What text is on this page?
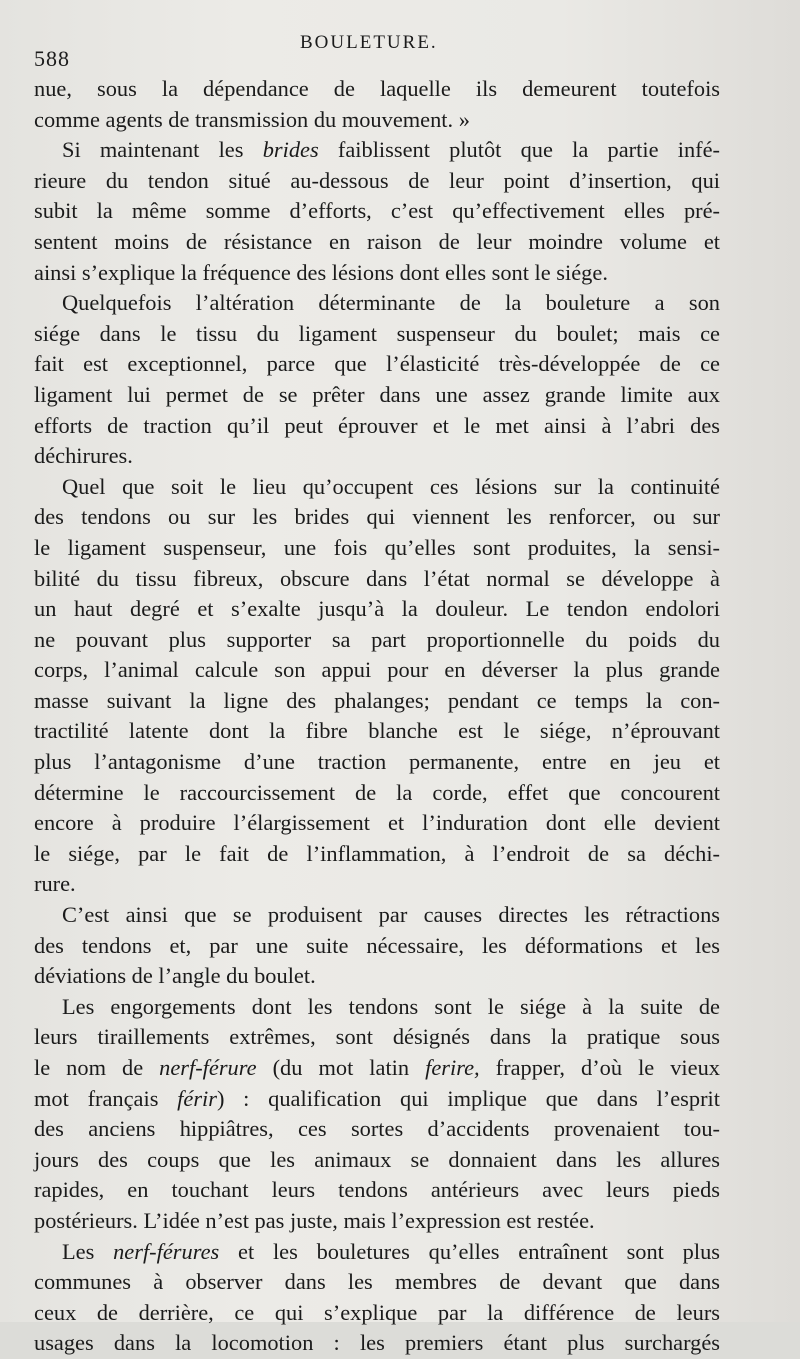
588
BOULETURE.
nue, sous la dépendance de laquelle ils demeurent toutefois
comme agents de transmission du mouvement. »
Si maintenant les brides faiblissent plutôt que la partie infé-
rieure du tendon situé au-dessous de leur point d’insertion, qui
subit la même somme d’efforts, c’est qu’effectivement elles pré-
sentent moins de résistance en raison de leur moindre volume et
ainsi s’explique la fréquence des lésions dont elles sont le siége.
Quelquefois l’altération déterminante de la bouleture a son
siége dans le tissu du ligament suspenseur du boulet; mais ce
fait est exceptionnel, parce que l’élasticité très-développée de ce
ligament lui permet de se prêter dans une assez grande limite aux
efforts de traction qu’il peut éprouver et le met ainsi à l’abri des
déchirures.
Quel que soit le lieu qu’occupent ces lésions sur la continuité
des tendons ou sur les brides qui viennent les renforcer, ou sur
le ligament suspenseur, une fois qu’elles sont produites, la sensi-
bilité du tissu fibreux, obscure dans l’état normal se développe à
un haut degré et s’exalte jusqu’à la douleur. Le tendon endolori
ne pouvant plus supporter sa part proportionnelle du poids du
corps, l’animal calcule son appui pour en déverser la plus grande
masse suivant la ligne des phalanges; pendant ce temps la con-
tractilité latente dont la fibre blanche est le siége, n’éprouvant
plus l’antagonisme d’une traction permanente, entre en jeu et
détermine le raccourcissement de la corde, effet que concourent
encore à produire l’élargissement et l’induration dont elle devient
le siége, par le fait de l’inflammation, à l’endroit de sa déchi-
rure.
C’est ainsi que se produisent par causes directes les rétractions
des tendons et, par une suite nécessaire, les déformations et les
déviations de l’angle du boulet.
Les engorgements dont les tendons sont le siége à la suite de
leurs tiraillements extrêmes, sont désignés dans la pratique sous
le nom de nerf-férure (du mot latin ferire, frapper, d’où le vieux
mot français férir) : qualification qui implique que dans l’esprit
des anciens hippiâtres, ces sortes d’accidents provenaient tou-
jours des coups que les animaux se donnaient dans les allures
rapides, en touchant leurs tendons antérieurs avec leurs pieds
postérieurs. L’idée n’est pas juste, mais l’expression est restée.
Les nerf-férures et les bouletures qu’elles entraînent sont plus
communes à observer dans les membres de devant que dans
ceux de derrière, ce qui s’explique par la différence de leurs
usages dans la locomotion : les premiers étant plus surchargés
